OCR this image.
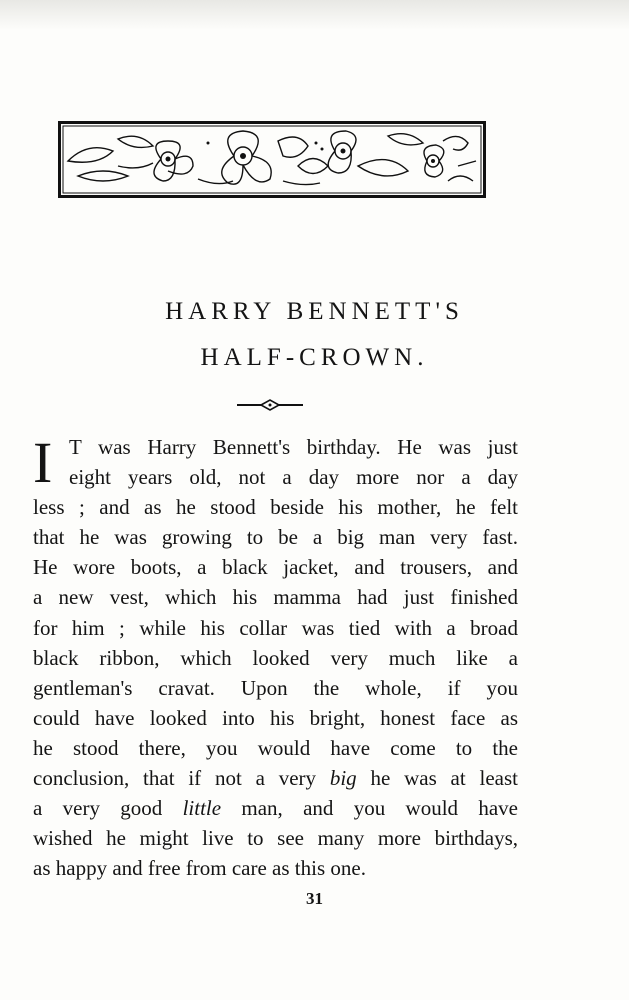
HARRY BENNETT'S
HALF-CROWN.
I T was Harry Bennett's birthday. He was just
eight years old, not a day more nor a day
less ; and as he stood beside his mother, he felt
that he was growing to be a big man very fast.
He wore boots, a black jacket, and trousers, and
a new vest, which his mamma had just finished
for him ; while his collar was tied with a broad
black ribbon, which looked very much like a
gentleman's cravat. Upon the whole, if you
could have looked into his bright, honest face as
he stood there, you would have come to the
conclusion, that if not a very big he was at least
a very good little man, and you would have
wished he might live to see many more birthdays,
as happy and free from care as this one.
31
